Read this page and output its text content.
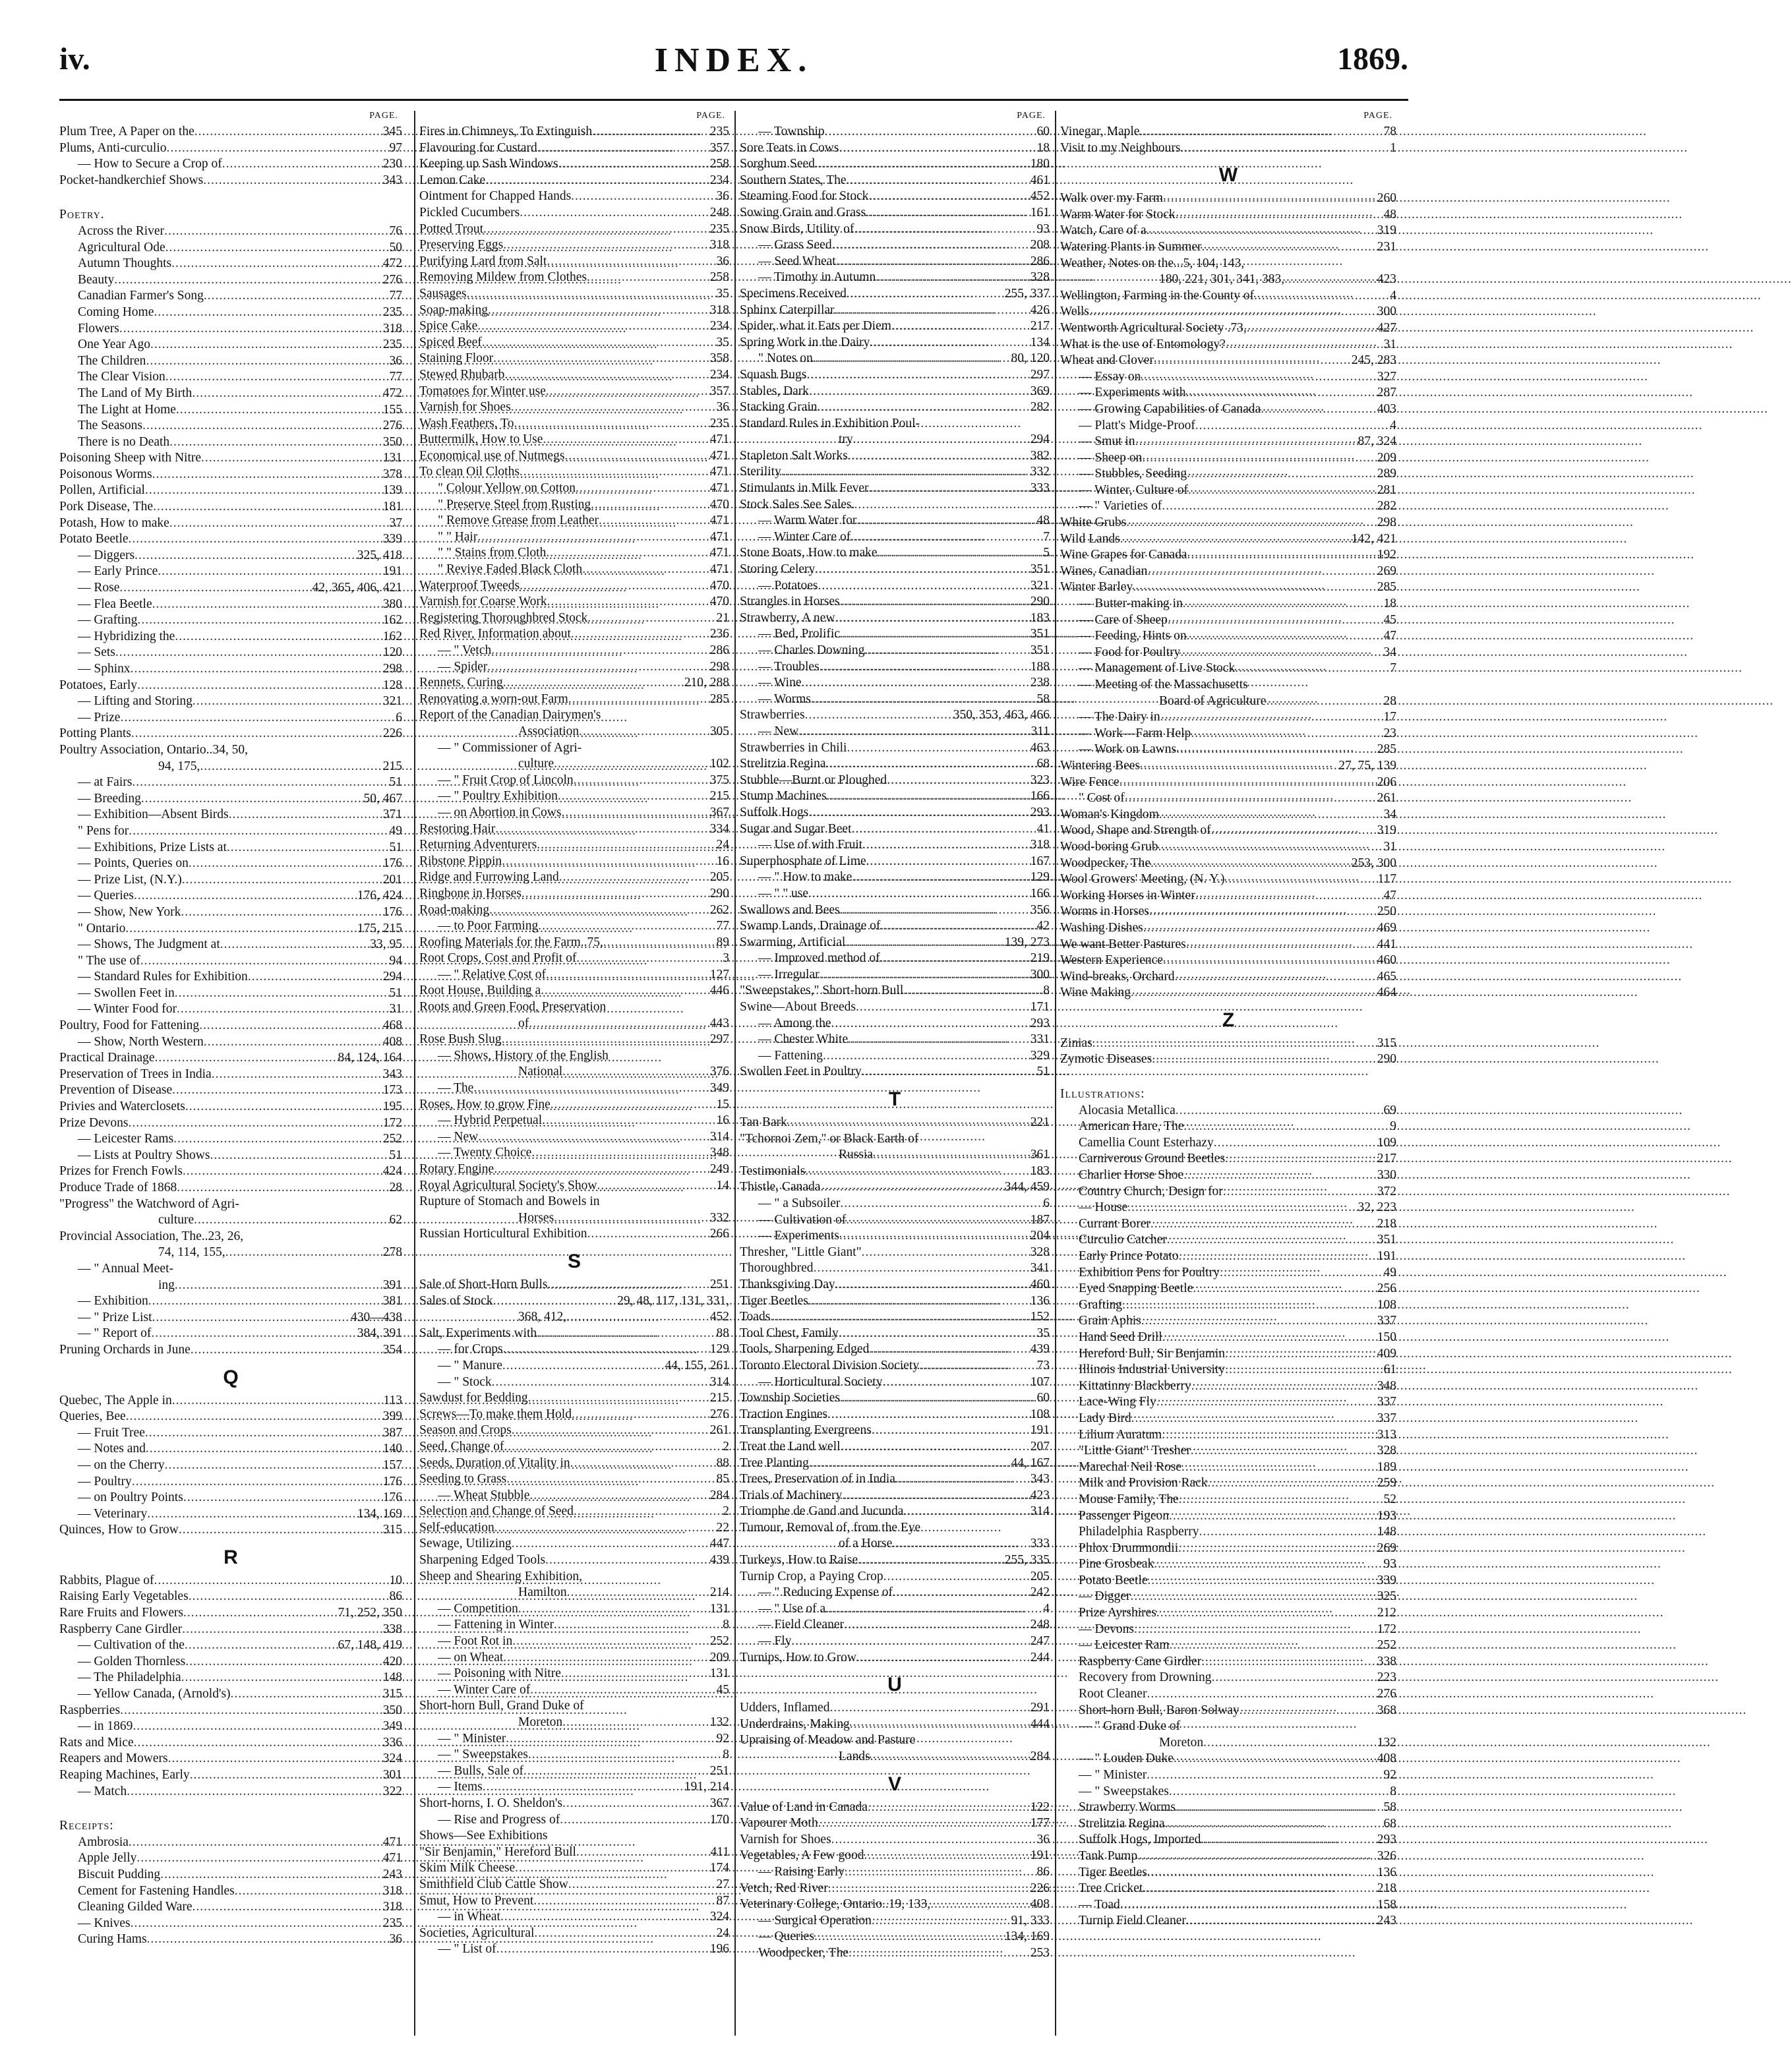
iv.	INDEX.	1869.
PAGE.
Plum Tree, A Paper on the .....	345
Plums, Anti-curculio .....	97
— How to Secure a Crop of .....	230
Pocket-handkerchief Shows .....	343
Poetry.
Across the River .....	76
Agricultural Ode .....	50
Autumn Thoughts .....	472
Beauty .....	276
Canadian Farmer's Song .....	77
Coming Home .....	235
Flowers .....	318
One Year Ago .....	235
The Children .....	36
The Clear Vision .....	77
The Land of My Birth .....	472
The Light at Home .....	155
The Seasons .....	276
There is no Death .....	350
Poisoning Sheep with Nitre .....	131
Poisonous Worms .....	378
Pollen, Artificial .....	139
Pork Disease, The .....	181
Potash, How to make .....	37
Potato Beetle .....	339
— Diggers .....	325, 418
— Early Prince .....	191
— Rose .....	42, 365, 406, 421
— Flea Beetle .....	380
— Grafting .....	162
— Hybridizing the .....	162
— Sets .....	120
— Sphinx .....	298
Potatoes, Early .....	128
— Lifting and Storing .....	321
— Prize .....	6
Potting Plants .....	226
Poultry Association, Ontario..34, 50,
94, 175, .....	215
— at Fairs .....	51
— Breeding .....	50, 467
— Exhibition—Absent Birds .....	371
" Pens for .....	49
— Exhibitions, Prize Lists at .....	51
— Points, Queries on .....	176
— Prize List, (N.Y.) .....	201
— Queries .....	176, 424
— Show, New York .....	176
" Ontario .....	175, 215
— Shows, The Judgment at .....	33, 95
" The use of .....	94
— Standard Rules for Exhibition .....	294
— Swollen Feet in .....	51
— Winter Food for .....	31
Poultry, Food for Fattening .....	468
— Show, North Western .....	408
Practical Drainage .....	84, 124, 164
Preservation of Trees in India .....	343
Prevention of Disease .....	173
Privies and Waterclosets .....	195
Prize Devons .....	172
— Leicester Rams .....	252
— Lists at Poultry Shows .....	51
Prizes for French Fowls .....	424
Produce Trade of 1868 .....	28
"Progress" the Watchword of Agri-
culture .....	62
Provincial Association, The..23, 26,
74, 114, 155, .....	278
— " Annual Meet-
ing .....	391
— Exhibition .....	381
— " Prize List .....	430—438
— " Report of .....	384, 391
Pruning Orchards in June .....	354
Q
Quebec, The Apple in .....	113
Queries, Bee .....	399
— Fruit Tree .....	387
— Notes and .....	140
— on the Cherry .....	157
— Poultry .....	176
— on Poultry Points .....	176
— Veterinary .....	134, 169
Quinces, How to Grow .....	315
R
Rabbits, Plague of .....	10
Raising Early Vegetables .....	86
Rare Fruits and Flowers .....	71, 252, 350
Raspberry Cane Girdler .....	338
— Cultivation of the .....	67, 148, 419
— Golden Thornless .....	420
— The Philadelphia .....	148
— Yellow Canada, (Arnold's) .....	315
Raspberries .....	350
— in 1869 .....	349
Rats and Mice .....	336
Reapers and Mowers .....	324
Reaping Machines, Early .....	301
— Match .....	322
Receipts:
Ambrosia .....	471
Apple Jelly .....	471
Biscuit Pudding .....	243
Cement for Fastening Handles .....	318
Cleaning Gilded Ware .....	318
— Knives .....	235
Curing Hams .....	36
PAGE.
Fires in Chimneys, To Extinguish .....	235
Flavouring for Custard .....	357
Keeping up Sash Windows .....	258
Lemon Cake .....	234
Ointment for Chapped Hands .....	36
Pickled Cucumbers .....	248
Potted Trout .....	235
Preserving Eggs .....	318
Purifying Lard from Salt .....	36
Removing Mildew from Clothes .....	258
Sausages .....	35
Soap-making .....	318
Spice Cake .....	234
Spiced Beef .....	35
Staining Floor .....	358
Stewed Rhubarb .....	234
Tomatoes for Winter use .....	357
Varnish for Shoes .....	36
Wash Feathers, To .....	235
Buttermilk, How to Use .....	471
Economical use of Nutmegs .....	471
To clean Oil Cloths .....	471
" Colour Yellow on Cotton .....	471
" Preserve Steel from Rusting .....	470
" Remove Grease from Leather .....	471
" " Hair .....	471
" " Stains from Cloth .....	471
" Revive Faded Black Cloth .....	471
Waterproof Tweeds .....	470
Varnish for Coarse Work .....	470
Registering Thoroughbred Stock .....	21
Red River, Information about .....	236
— " Vetch .....	286
— Spider .....	298
Rennets, Curing .....	210, 288
Renovating a worn-out Farm .....	285
Report of the Canadian Dairymen's
Association .....	305
— " Commissioner of Agri-
culture .....	102
— " Fruit Crop of Lincoln .....	375
— " Poultry Exhibition .....	215
— on Abortion in Cows .....	367
Restoring Hair .....	334
Returning Adventurers .....	24
Ribstone Pippin .....	16
Ridge and Furrowing Land .....	205
Ringbone in Horses .....	290
Road-making .....	262
— to Poor Farming .....	77
Roofing Materials for the Farm..75, .....	89
Root Crops, Cost and Profit of .....	3
— " Relative Cost of .....	127
Root House, Building a .....	446
Roots and Green Food, Preservation
of .....	443
Rose Bush Slug .....	297
— Shows, History of the English
National .....	376
— The .....	349
Roses, How to grow Fine .....	15
— Hybrid Perpetual .....	16
— New .....	314
— Twenty Choice .....	348
Rotary Engine .....	249
Royal Agricultural Society's Show .....	14
Rupture of Stomach and Bowels in
Horses .....	332
Russian Horticultural Exhibition .....	266
S
Sale of Short-Horn Bulls .....	251
Sales of Stock .....	29, 48, 117, 131, 331,
368, 412, .....	452
Salt, Experiments with .....	88
— for Crops .....	129
— " Manure .....	44, 155, 261
— " Stock .....	314
Sawdust for Bedding .....	215
Screws—To make them Hold .....	276
Season and Crops .....	261
Seed, Change of .....	2
Seeds, Duration of Vitality in .....	88
Seeding to Grass .....	85
— Wheat Stubble .....	284
Selection and Change of Seed .....	2
Self-education .....	22
Sewage, Utilizing .....	447
Sharpening Edged Tools .....	439
Sheep and Shearing Exhibition,
Hamilton .....	214
— Competition .....	131
— Fattening in Winter .....	8
— Foot Rot in .....	252
— on Wheat .....	209
— Poisoning with Nitre .....	131
— Winter Care of .....	45
Short-horn Bull, Grand Duke of
Moreton .....	132
— " Minister .....	92
— " Sweepstakes .....	8
— Bulls, Sale of .....	251
— Items .....	191, 214
Short-horns, I. O. Sheldon's .....	367
— Rise and Progress of .....	170
Shows—See Exhibitions
"Sir Benjamin," Hereford Bull .....	411
Skim Milk Cheese .....	174
Smithfield Club Cattle Show .....	27
Smut, How to Prevent .....	87
— in Wheat .....	324
Societies, Agricultural .....	24
— " List of .....	196
PAGE.
— Township .....	60
Sore Teats in Cows .....	18
Sorghum Seed .....	180
Southern States, The .....	461
Steaming Food for Stock .....	452
Sowing Grain and Grass .....	161
Snow Birds, Utility of .....	93
— Grass Seed .....	208
— Seed Wheat .....	286
— Timothy in Autumn .....	328
Specimens Received .....	255, 337
Sphinx Caterpillar .....	426
Spider, what it Eats per Diem .....	217
Spring Work in the Dairy .....	134
" Notes on .....	80, 120
Squash Bugs .....	297
Stables, Dark .....	369
Stacking Grain .....	282
Standard Rules in Exhibition Poul-
try .....	294
Stapleton Salt Works .....	382
Sterility .....	332
Stimulants in Milk Fever .....	333
Stock Sales See Sales.
— Warm Water for .....	48
— Winter Care of .....	7
Stone Boats, How to make .....	5
Storing Celery .....	351
— Potatoes .....	321
Strangles in Horses .....	290
Strawberry, A new .....	183
— Bed, Prolific .....	351
— Charles Downing .....	351
— Troubles .....	188
— Wine .....	238
— Worms .....	58
Strawberries .....	350, 353, 463, 466
— New .....	311
Strawberries in Chili .....	463
Strelitzia Regina .....	68
Stubble—Burnt or Ploughed .....	323
Stump Machines .....	166
Suffolk Hogs .....	293
Sugar and Sugar Beet .....	41
— Use of with Fruit .....	318
Superphosphate of Lime .....	167
— " How to make .....	129
— " " use .....	166
Swallows and Bees .....	356
Swamp Lands, Drainage of .....	42
Swarming, Artificial .....	139, 273
— Improved method of .....	219
— Irregular .....	300
"Sweepstakes," Short-horn Bull .....	8
Swine—About Breeds .....	171
— Among the .....	293
— Chester White .....	331
— Fattening .....	329
Swollen Feet in Poultry .....	51
T
Tan Bark .....	221
"Tchornoi Zem," or Black Earth of
Russia .....	361
Testimonials .....	183
Thistle, Canada .....	344, 459
— " a Subsoiler .....	6
— Cultivation of .....	187
— Experiments .....	204
Thresher, "Little Giant" .....	328
Thoroughbred .....	341
Thanksgiving Day .....	460
Tiger Beetles .....	136
Toads .....	152
Tool Chest, Family .....	35
Tools, Sharpening Edged .....	439
Toronto Electoral Division Society .....	73
— Horticultural Society .....	107
Township Societies .....	60
Traction Engines .....	108
Transplanting Evergreens .....	191
Treat the Land well .....	207
Tree Planting .....	44, 167
Trees, Preservation of in India .....	343
Trials of Machinery .....	423
Triomphe de Gand and Jucunda .....	314
Tumour, Removal of, from the Eye
of a Horse .....	333
Turkeys, How to Raise .....	255, 335
Turnip Crop, a Paying Crop .....	205
— " Reducing Expense of .....	242
— " Use of a .....	4
— Field Cleaner .....	248
— Fly .....	247
Turnips, How to Grow .....	244
U
Udders, Inflamed .....	291
Underdrains, Making .....	444
Upraising of Meadow and Pasture
Lands .....	284
V
Value of Land in Canada .....	122
Vapourer Moth .....	177
Varnish for Shoes .....	36
Vegetables, A Few good .....	191
— Raising Early .....	86
Vetch, Red River .....	226
Veterinary College, Ontario..19, 133, .....	408
— Surgical Operation .....	91, 333
— Queries .....	134, 169
Woodpecker, The .....	253
PAGE.
Vinegar, Maple .....	78
Visit to my Neighbours .....	1
W
Walk over my Farm .....	260
Warm Water for Stock .....	48
Watch, Care of a .....	319
Watering Plants in Summer .....	231
Weather, Notes on the...5, 104, 143,
180, 221, 301, 341, 383, .....	423
Wellington, Farming in the County of .....	4
Wells .....	300
Wentworth Agricultural Society .73, .....	427
What is the use of Entomology? .....	31
Wheat and Clover .....	245, 283
— Essay on .....	327
— Experiments with .....	287
— Growing Capabilities of Canada .....	403
— Platt's Midge-Proof .....	4
— Smut in .....	87, 324
— Sheep on .....	209
— Stubbles, Seeding .....	289
— Winter, Culture of .....	281
— " Varieties of .....	282
White Grubs .....	298
Wild Lands .....	142, 421
Wine Grapes for Canada .....	192
Wines, Canadian .....	269
Winter Barley .....	285
— Butter-making in .....	18
— Care of Sheep .....	45
— Feeding, Hints on .....	47
— Food for Poultry .....	34
— Management of Live Stock .....	7
— Meeting of the Massachusetts
Board of Agriculture .....	28
— The Dairy in .....	17
— Work—Farm Help .....	23
— Work on Lawns .....	285
Wintering Bees .....	27, 75, 139
Wire Fence .....	206
" Cost of .....	261
Woman's Kingdom .....	34
Wood, Shape and Strength of .....	319
Wood-boring Grub .....	31
Woodpecker, The .....	253, 300
Wool Growers' Meeting, (N. Y.) .....	117
Working Horses in Winter .....	47
Worms in Horses .....	250
Washing Dishes .....	469
We want Better Pastures .....	441
Western Experience .....	460
Wind-breaks, Orchard .....	465
Wine Making .....	464
Z
Zinias .....	315
Zymotic Diseases .....	290
Illustrations:
Alocasia Metallica .....	69
American Hare, The .....	9
Camellia Count Esterhazy .....	109
Carniverous Ground Beetles .....	217
Charlier Horse Shoe .....	330
Country Church, Design for .....	372
— House .....	32, 223
Currant Borer .....	218
Curculio Catcher .....	351
Early Prince Potato .....	191
Exhibition Pens for Poultry .....	49
Eyed Snapping Beetle .....	256
Grafting .....	108
Grain Aphis .....	337
Hand Seed Drill .....	150
Hereford Bull, Sir Benjamin .....	409
Illinois Industrial University .....	61
Kittatinny Blackberry .....	348
Lace-Wing Fly .....	337
Lady Bird .....	337
Lilium Auratum .....	313
"Little Giant" Tresher .....	328
Marechal Neil Rose .....	189
Milk and Provision Rack .....	259
Mouse Family, The .....	52
Passenger Pigeon .....	193
Philadelphia Raspberry .....	148
Phlox Drummondii .....	269
Pine Grosbeak .....	93
Potato Beetle .....	339
— Digger .....	325
Prize Ayrshires .....	212
— Devons .....	172
— Leicester Ram .....	252
Raspberry Cane Girdler .....	338
Recovery from Drowning .....	223
Root Cleaner .....	276
Short-horn Bull, Baron Solway .....	368
— " Grand Duke of
Moreton .....	132
— " Louden Duke .....	408
— " Minister .....	92
— " Sweepstakes .....	8
Strawberry Worms .....	58
Strelitzia Regina .....	68
Suffolk Hogs, Imported .....	293
Tank Pump .....	326
Tiger Beetles .....	136
Tree Cricket .....	218
— Toad .....	158
Turnip Field Cleaner .....	243
